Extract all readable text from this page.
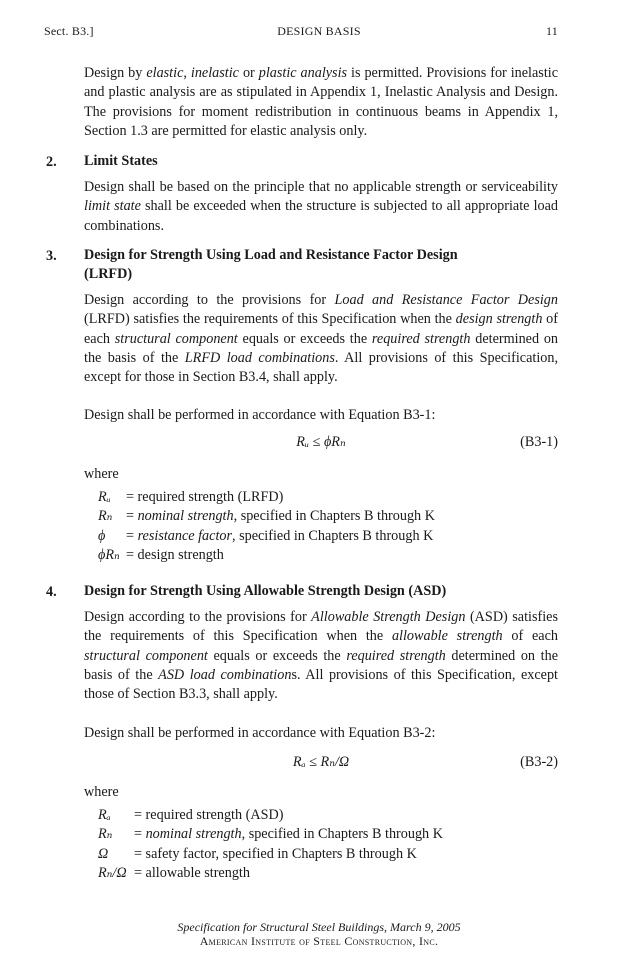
Sect. B3.]	DESIGN BASIS	11

Design by elastic, inelastic or plastic analysis is permitted. Provisions for inelastic and plastic analysis are as stipulated in Appendix 1, Inelastic Analysis and Design. The provisions for moment redistribution in continuous beams in Appendix 1, Section 1.3 are permitted for elastic analysis only.

2. Limit States

Design shall be based on the principle that no applicable strength or serviceability limit state shall be exceeded when the structure is subjected to all appropriate load combinations.

3. Design for Strength Using Load and Resistance Factor Design
(LRFD)

Design according to the provisions for Load and Resistance Factor Design (LRFD) satisfies the requirements of this Specification when the design strength of each structural component equals or exceeds the required strength determined on the basis of the LRFD load combinations. All provisions of this Specification, except for those in Section B3.4, shall apply.

Design shall be performed in accordance with Equation B3-1:

Rᵤ ≤ ϕRₙ	(B3-1)
where
Rᵤ	= required strength (LRFD)
Rₙ = nominal strength, specified in Chapters B through K
ϕ	= resistance factor, specified in Chapters B through K
ϕRₙ = design strength
4. Design for Strength Using Allowable Strength Design (ASD)

Design according to the provisions for Allowable Strength Design (ASD) satisfies the requirements of this Specification when the allowable strength of each structural component equals or exceeds the required strength determined on the basis of the ASD load combinations. All provisions of this Specification, except those of Section B3.3, shall apply.

Design shall be performed in accordance with Equation B3-2:

Rₐ ≤ Rₙ/Ω	(B3-2)
where
Rₐ	= required strength (ASD)
Rₙ	= nominal strength, specified in Chapters B through K
Ω	= safety factor, specified in Chapters B through K
Rₙ/Ω = allowable strength
Specification for Structural Steel Buildings, March 9, 2005
American Institute of Steel Construction, Inc.
